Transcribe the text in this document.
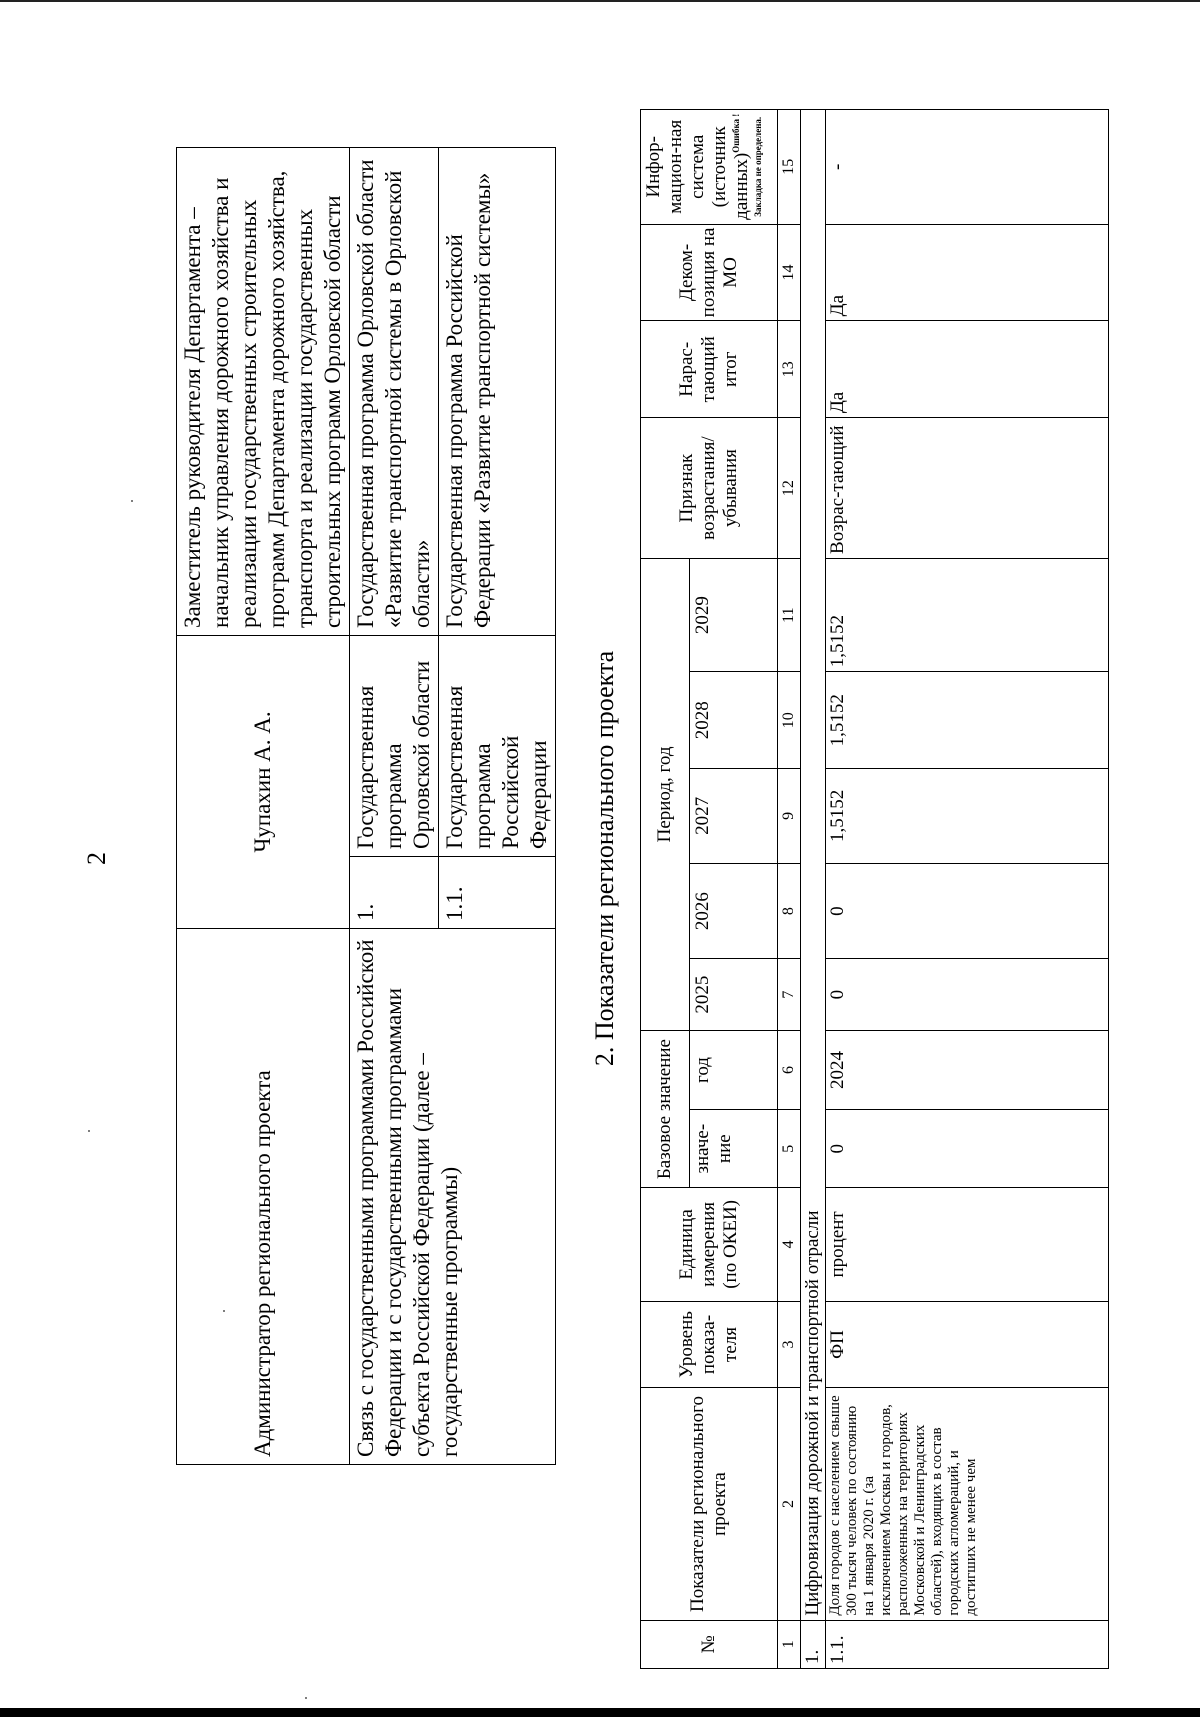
2
Администратор регионального проекта	Чупахин А. А.		Заместитель руководителя Департамента – начальник управления дорожного хозяйства и реализации государственных строительных программ Департамента дорожного хозяйства, транспорта и реализации государственных строительных программ Орловской области
Связь с государственными программами Российской Федерации и с государственными программами субъекта Российской Федерации (далее – государственные программы)	1.	Государственная программа Орловской области	Государственная программа Орловской области «Развитие транспортной системы в Орловской области»
	1.1.	Государственная программа Российской Федерации	Государственная программа Российской Федерации «Развитие транспортной системы»
2. Показатели регионального проекта
№	Показатели регионального проекта	Уровень показа-теля	Единица измерения (по ОКЕИ)	Базовое значение		Период, год					Признак возрастания/ убывания	Нарас-тающий итог	Деком-позиция на МО	Инфор-мацион-ная система (источник данных)$^{Ошибка ! Закладка не определена.}$
				значе-ние	год	2025	2026	2027	2028	2029				
1	2	3	4	5	6	7	8	9	10	11	12	13	14	15
1.	Цифровизация дорожной и транспортной отрасли													
1.1.	Доля городов с населением свыше 300 тысяч человек по состоянию на 1 января 2020 г. (за исключением Москвы и городов, расположенных на территориях Московской и Ленинградских областей), входящих в состав городских агломераций, и достигших не менее чем	ФП	процент	0	2024	0	0	1,5152	1,5152	1,5152	Возрас-тающий	Да	Да	-
